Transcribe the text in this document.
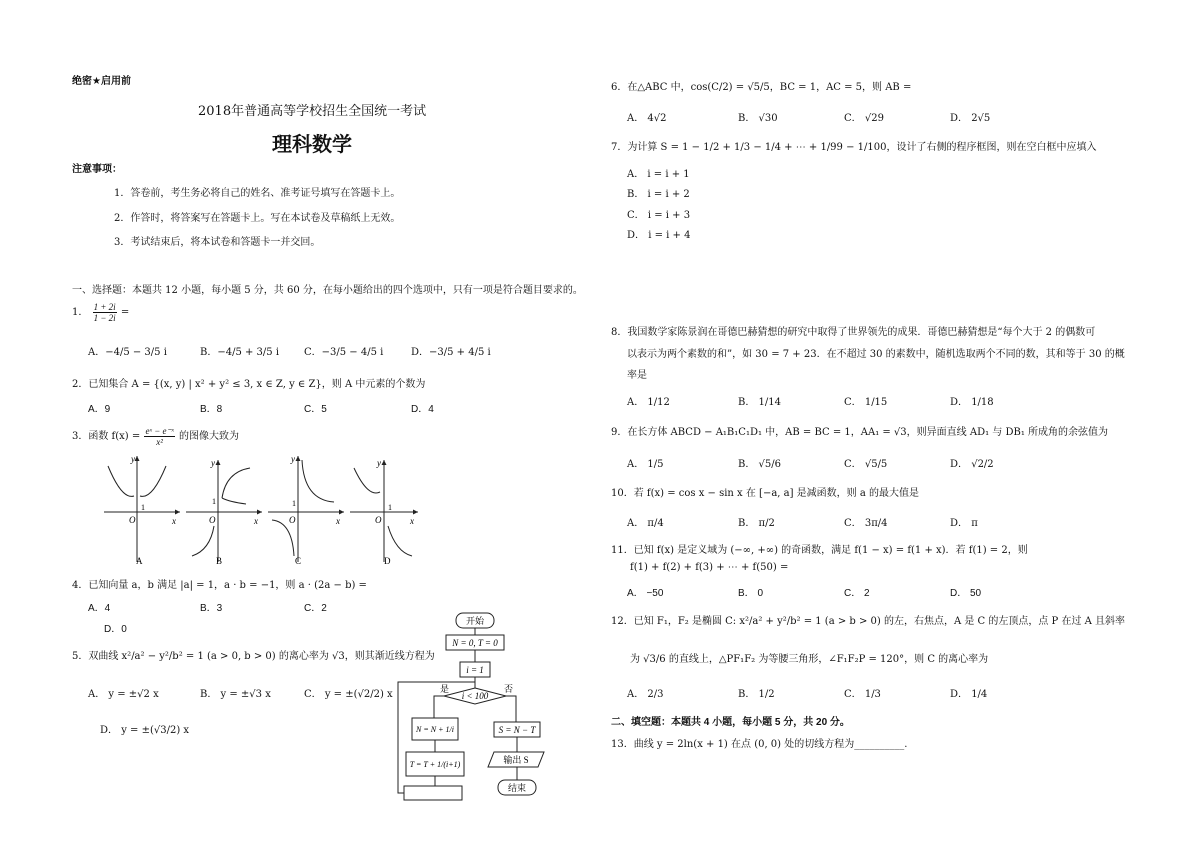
绝密★启用前
2018年普通高等学校招生全国统一考试
理科数学
注意事项：
1．答卷前，考生务必将自己的姓名、准考证号填写在答题卡上。
2．作答时，将答案写在答题卡上。写在本试卷及草稿纸上无效。
3．考试结束后，将本试卷和答题卡一并交回。
一、选择题：本题共 12 小题，每小题 5 分，共 60 分，在每小题给出的四个选项中，只有一项是符合题目要求的。
1． $\frac{1 + 2i}{1 - 2i}$ =
A．−4/5 − 3/5 i	B．−4/5 + 3/5 i C．−3/5 − 4/5 i	D．−3/5 + 4/5 i
2．已知集合 A = {(x, y) | x² + y² ≤ 3, x ∈ Z, y ∈ Z}，则 A 中元素的个数为
A．9	B．8	C．5	D．4
3．函数 $f(x) = \frac{\text{eˣ − e⁻ˣ}}{\text{x²}}$ 的图像大致为
y
x
O
1
A
y
x
O
1
B
y
x
O
1
C
y
x
O
1
D
4．已知向量 a，b 满足 |a| = 1，a · b = −1，则 a · (2a − b) =
A．4	B．3	C．2
D．0
5．双曲线 x²/a² − y²/b² = 1 (a > 0, b > 0) 的离心率为 √3，则其渐近线方程为
A． y = ±√2 x	B． y = ±√3 x	C． y = ±(√2/2) x
D． y = ±(√3/2) x
开始
N = 0, T = 0
i = 1
i < 100
是	否
N = N + 1/i	S = N − T
T = T + 1/(i+1)	输出 S
结束
6．在△ABC 中，cos(C/2) = √5/5，BC = 1，AC = 5，则 AB =
A． 4√2	B． √30	C． √29	D． 2√5
7．为计算 S = 1 − 1/2 + 1/3 − 1/4 + ⋯ + 1/99 − 1/100，设计了右侧的程序框图，则在空白框中应填入
A． i = i + 1
B． i = i + 2
C． i = i + 3
D． i = i + 4
8．我国数学家陈景润在哥德巴赫猜想的研究中取得了世界领先的成果．哥德巴赫猜想是“每个大于 2 的偶数可
以表示为两个素数的和”，如 30 = 7 + 23．在不超过 30 的素数中，随机选取两个不同的数，其和等于 30 的概
率是
A． 1/12	B． 1/14	C． 1/15	D． 1/18
9．在长方体 ABCD − A₁B₁C₁D₁ 中，AB = BC = 1，AA₁ = √3，则异面直线 AD₁ 与 DB₁ 所成角的余弦值为
A． 1/5	B． √5/6	C． √5/5	D． √2/2
10．若 f(x) = cos x − sin x 在 [−a, a] 是减函数，则 a 的最大值是
A． π/4	B． π/2	C． 3π/4	D． π
11．已知 f(x) 是定义域为 (−∞, +∞) 的奇函数，满足 f(1 − x) = f(1 + x)．若 f(1) = 2，则
f(1) + f(2) + f(3) + ⋯ + f(50) =
A． −50	B． 0	C． 2	D． 50
12．已知 F₁，F₂ 是椭圆 C: x²/a² + y²/b² = 1 (a > b > 0) 的左，右焦点，A 是 C 的左顶点，点 P 在过 A 且斜率
为 √3/6 的直线上，△PF₁F₂ 为等腰三角形，∠F₁F₂P = 120°，则 C 的离心率为
A． 2/3	B． 1/2	C． 1/3	D． 1/4
二、填空题：本题共 4 小题，每小题 5 分，共 20 分。
13．曲线 y = 2ln(x + 1) 在点 (0, 0) 处的切线方程为__________.
